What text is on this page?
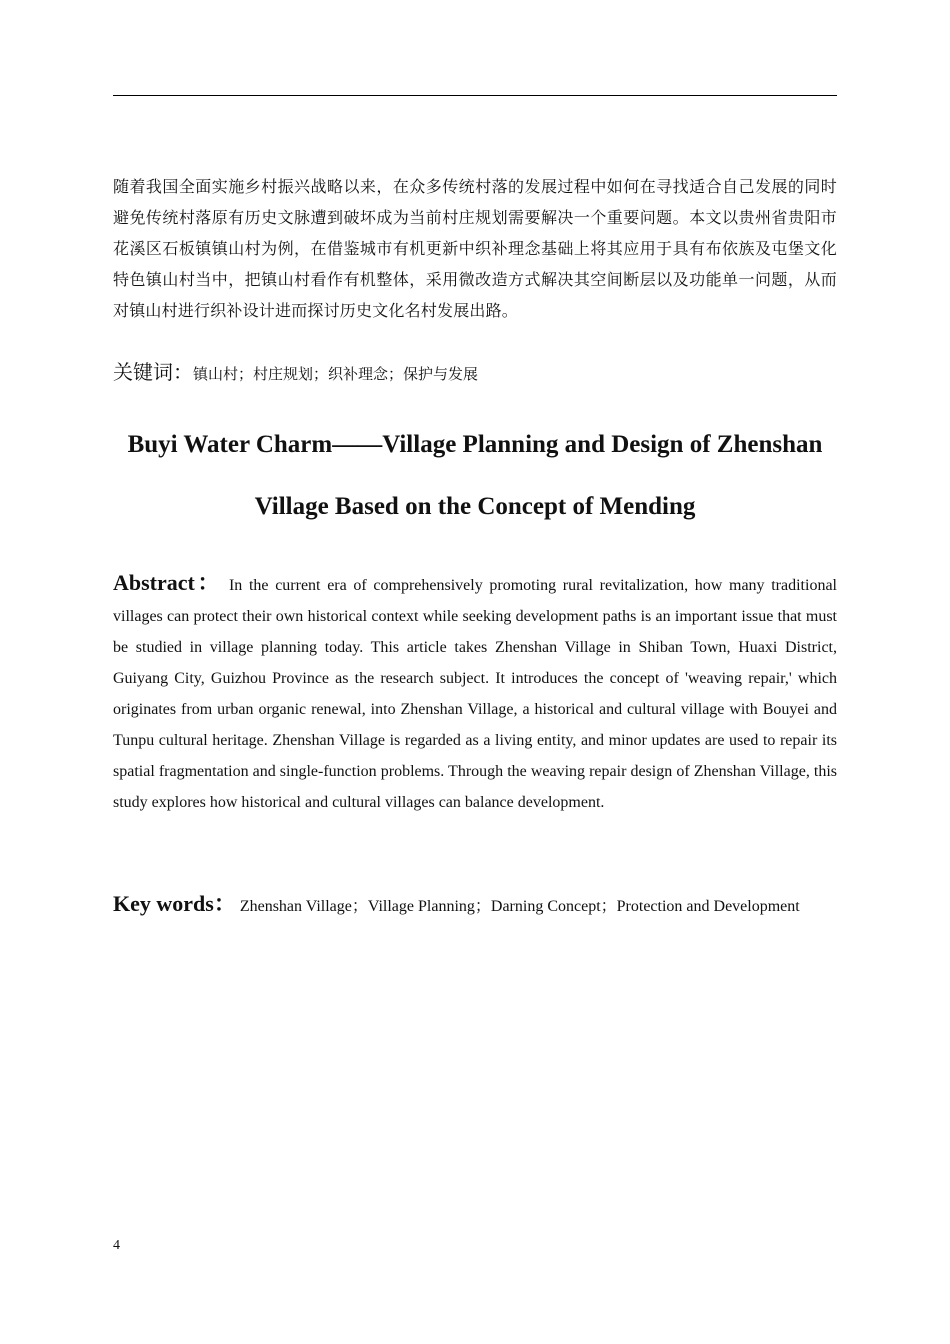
随着我国全面实施乡村振兴战略以来，在众多传统村落的发展过程中如何在寻找适合自己发展的同时避免传统村落原有历史文脉遭到破坏成为当前村庄规划需要解决一个重要问题。本文以贵州省贵阳市花溪区石板镇镇山村为例，在借鉴城市有机更新中织补理念基础上将其应用于具有布依族及屯堡文化特色镇山村当中，把镇山村看作有机整体，采用微改造方式解决其空间断层以及功能单一问题，从而对镇山村进行织补设计进而探讨历史文化名村发展出路。
关键词：镇山村；村庄规划；织补理念；保护与发展
Buyi Water Charm——Village Planning and Design of Zhenshan
Village Based on the Concept of Mending

Abstract： In the current era of comprehensively promoting rural revitalization, how many traditional villages can protect their own historical context while seeking development paths is an important issue that must be studied in village planning today. This article takes Zhenshan Village in Shiban Town, Huaxi District, Guiyang City, Guizhou Province as the research subject. It introduces the concept of 'weaving repair,' which originates from urban organic renewal, into Zhenshan Village, a historical and cultural village with Bouyei and Tunpu cultural heritage. Zhenshan Village is regarded as a living entity, and minor updates are used to repair its spatial fragmentation and single-function problems. Through the weaving repair design of Zhenshan Village, this study explores how historical and cultural villages can balance development.

Key words： Zhenshan Village；Village Planning；Darning Concept；Protection and Development
4
